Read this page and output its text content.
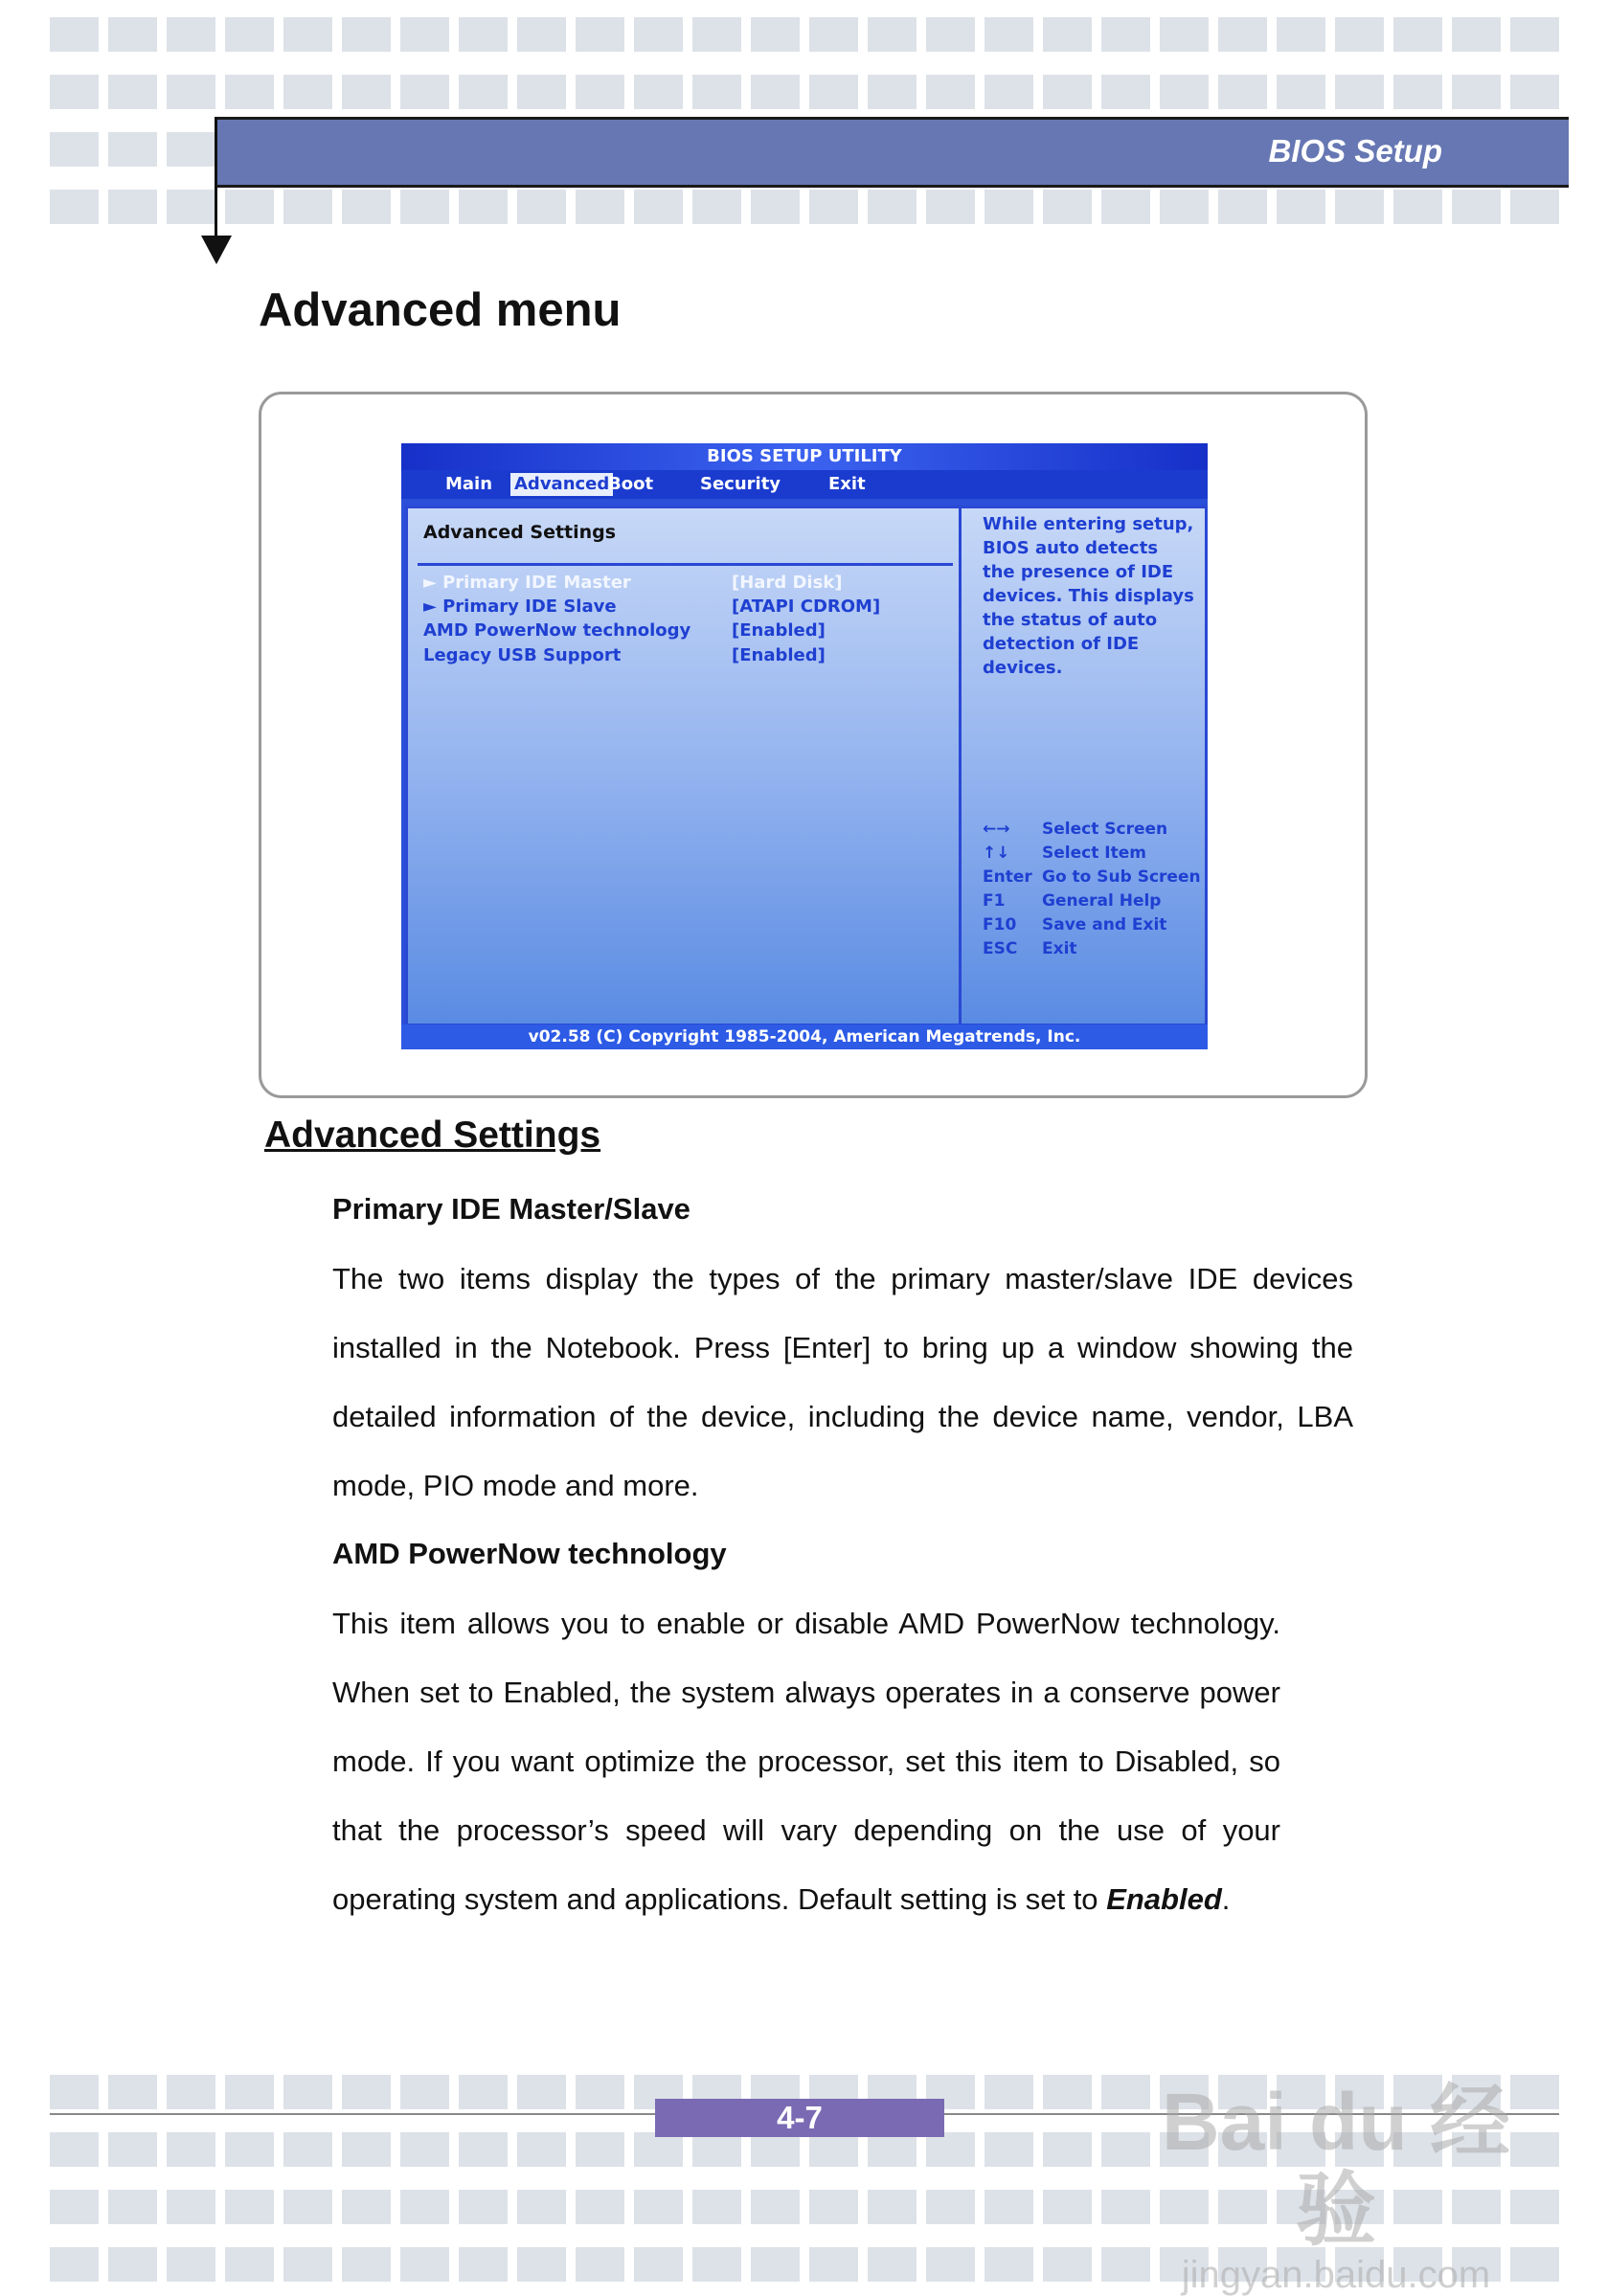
BIOS Setup
Advanced menu
BIOS SETUP UTILITY
Main Advanced
Boot	Security	Exit
Advanced Settings
► Primary IDE Master	[Hard Disk]
► Primary IDE Slave	[ATAPI CDROM]
AMD PowerNow technology [Enabled]
Legacy USB Support	[Enabled]
While entering setup, BIOS auto detects the presence of IDE devices. This displays the status of auto detection of IDE devices.
←→ Select Screen
↑↓ Select Item
Enter Go to Sub Screen
F1 General Help
F10 Save and Exit
ESC Exit
v02.58 (C) Copyright 1985-2004, American Megatrends, Inc.
Advanced Settings
Primary IDE Master/Slave

The two items display the types of the primary master/slave IDE devices installed in the Notebook. Press [Enter] to bring up a window showing the detailed information of the device, including the device name, vendor, LBA mode, PIO mode and more.

AMD PowerNow technology

This item allows you to enable or disable AMD PowerNow technology. When set to Enabled, the system always operates in a conserve power mode. If you want optimize the processor, set this item to Disabled, so that the processor’s speed will vary depending on the use of your operating system and applications. Default setting is set to Enabled.

4-7	Bai du 经验
jingyan.baidu.com
